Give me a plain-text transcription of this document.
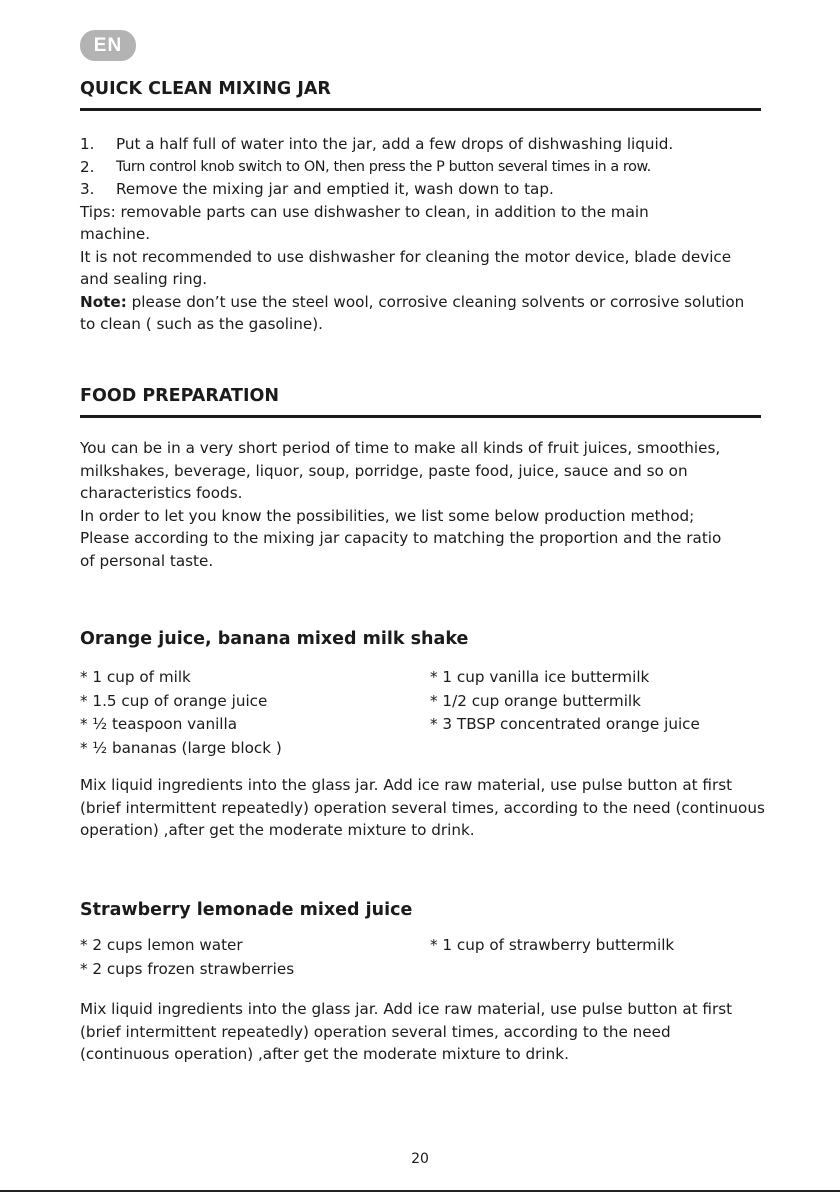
EN
QUICK CLEAN MIXING JAR
1.	Put a half full of water into the jar, add a few drops of dishwashing liquid.
2.	Turn control knob switch to ON, then press the P button several times in a row.
3.	Remove the mixing jar and emptied it, wash down to tap.

Tips: removable parts can use dishwasher to clean, in addition to the main machine.

It is not recommended to use dishwasher for cleaning the motor device, blade device and sealing ring.

Note: please don’t use the steel wool, corrosive cleaning solvents or corrosive solution to clean ( such as the gasoline).

FOOD PREPARATION

You can be in a very short period of time to make all kinds of fruit juices, smoothies, milkshakes, beverage, liquor, soup, porridge, paste food, juice, sauce and so on characteristics foods.

In order to let you know the possibilities, we list some below production method; Please according to the mixing jar capacity to matching the proportion and the ratio of personal taste.

Orange juice, banana mixed milk shake
* 1 cup of milk
* 1.5 cup of orange juice
* ½ teaspoon vanilla
* ½ bananas (large block )
* 1 cup vanilla ice buttermilk
* 1/2 cup orange buttermilk
* 3 TBSP concentrated orange juice

Mix liquid ingredients into the glass jar. Add ice raw material, use pulse button at first (brief intermittent repeatedly) operation several times, according to the need (continuous operation) ,after get the moderate mixture to drink.

Strawberry lemonade mixed juice
* 2 cups lemon water
* 2 cups frozen strawberries
* 1 cup of strawberry buttermilk

Mix liquid ingredients into the glass jar. Add ice raw material, use pulse button at first (brief intermittent repeatedly) operation several times, according to the need (continuous operation) ,after get the moderate mixture to drink.

20
